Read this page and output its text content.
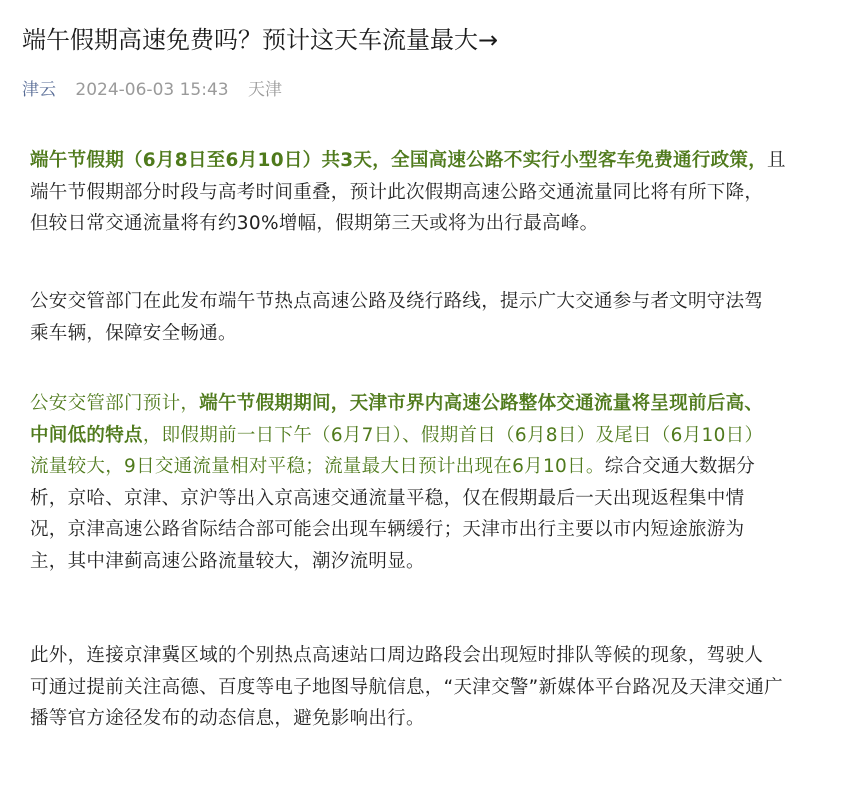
端午假期高速免费吗？预计这天车流量最大→
津云 2024-06-03 15:43 天津
端午节假期（6月8日至6月10日）共3天，全国高速公路不实行小型客车免费通行政策，且
端午节假期部分时段与高考时间重叠，预计此次假期高速公路交通流量同比将有所下降，
但较日常交通流量将有约30%增幅，假期第三天或将为出行最高峰。
公安交管部门在此发布端午节热点高速公路及绕行路线，提示广大交通参与者文明守法驾
乘车辆，保障安全畅通。
公安交管部门预计，端午节假期期间，天津市界内高速公路整体交通流量将呈现前后高、
中间低的特点，即假期前一日下午（6月7日）、假期首日（6月8日）及尾日（6月10日）
流量较大，9日交通流量相对平稳；流量最大日预计出现在6月10日。综合交通大数据分
析，京哈、京津、京沪等出入京高速交通流量平稳，仅在假期最后一天出现返程集中情
况，京津高速公路省际结合部可能会出现车辆缓行；天津市出行主要以市内短途旅游为
主，其中津蓟高速公路流量较大，潮汐流明显。
此外，连接京津冀区域的个别热点高速站口周边路段会出现短时排队等候的现象，驾驶人
可通过提前关注高德、百度等电子地图导航信息，“天津交警”新媒体平台路况及天津交通广
播等官方途径发布的动态信息，避免影响出行。
